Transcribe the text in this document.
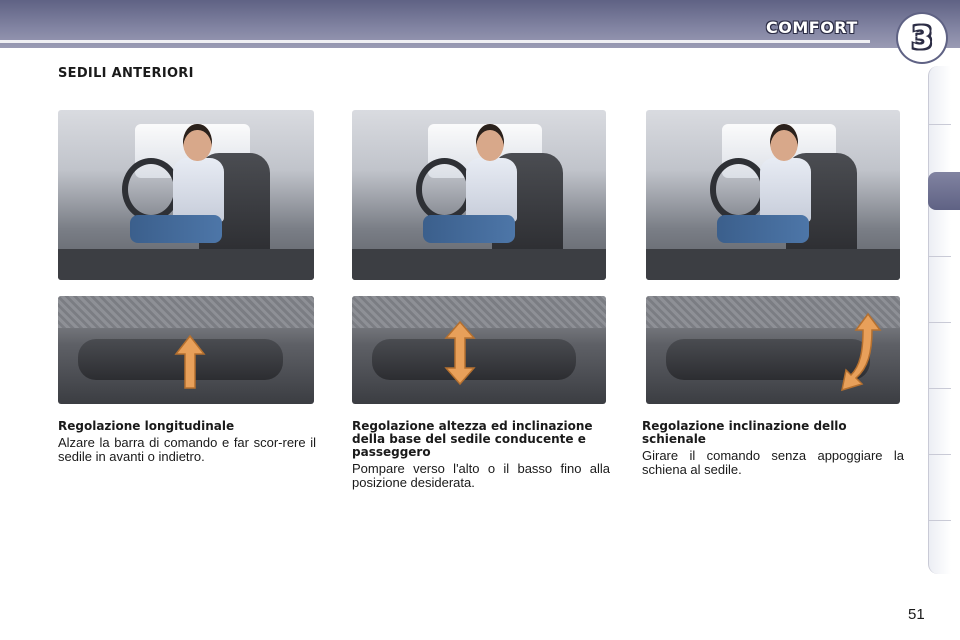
COMFORT	3
SEDILI ANTERIORI
Regolazione longitudinale
Alzare la barra di comando e far scor-rere il sedile in avanti o indietro.
Regolazione altezza ed inclinazione della base del sedile conducente e passeggero
Pompare verso l'alto o il basso fino alla posizione desiderata.
Regolazione inclinazione dello schienale
Girare il comando senza appoggiare la schiena al sedile.
51
